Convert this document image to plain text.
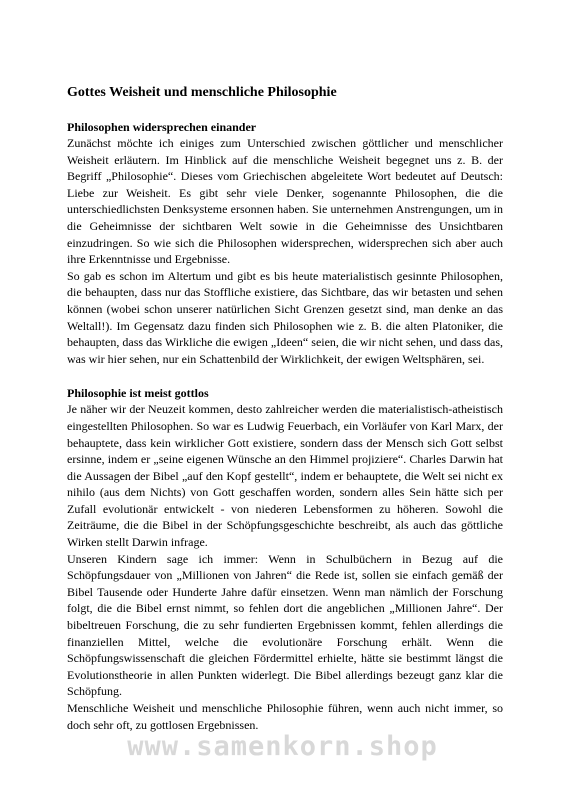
Gottes Weisheit und menschliche Philosophie
Philosophen widersprechen einander

Zunächst möchte ich einiges zum Unterschied zwischen göttlicher und menschlicher Weisheit erläutern. Im Hinblick auf die menschliche Weisheit begegnet uns z. B. der Begriff „Philosophie“. Dieses vom Griechischen abgeleitete Wort bedeutet auf Deutsch: Liebe zur Weisheit. Es gibt sehr viele Denker, sogenannte Philosophen, die die unterschiedlichsten Denksysteme ersonnen haben. Sie unternehmen Anstrengungen, um in die Geheimnisse der sichtbaren Welt sowie in die Geheimnisse des Unsichtbaren einzudringen. So wie sich die Philosophen widersprechen, widersprechen sich aber auch ihre Erkenntnisse und Ergebnisse.

So gab es schon im Altertum und gibt es bis heute materialistisch gesinnte Philosophen, die behaupten, dass nur das Stoffliche existiere, das Sichtbare, das wir betasten und sehen können (wobei schon unserer natürlichen Sicht Grenzen gesetzt sind, man denke an das Weltall!). Im Gegensatz dazu finden sich Philosophen wie z. B. die alten Platoniker, die behaupten, dass das Wirkliche die ewigen „Ideen“ seien, die wir nicht sehen, und dass das, was wir hier sehen, nur ein Schattenbild der Wirklichkeit, der ewigen Weltsphären, sei.

Philosophie ist meist gottlos

Je näher wir der Neuzeit kommen, desto zahlreicher werden die materialistisch-atheistisch eingestellten Philosophen. So war es Ludwig Feuerbach, ein Vorläufer von Karl Marx, der behauptete, dass kein wirklicher Gott existiere, sondern dass der Mensch sich Gott selbst ersinne, indem er „seine eigenen Wünsche an den Himmel projiziere“. Charles Darwin hat die Aussagen der Bibel „auf den Kopf gestellt“, indem er behauptete, die Welt sei nicht ex nihilo (aus dem Nichts) von Gott geschaffen worden, sondern alles Sein hätte sich per Zufall evolutionär entwickelt - von niederen Lebensformen zu höheren. Sowohl die Zeiträume, die die Bibel in der Schöpfungsgeschichte beschreibt, als auch das göttliche Wirken stellt Darwin infrage.

Unseren Kindern sage ich immer: Wenn in Schulbüchern in Bezug auf die Schöpfungsdauer von „Millionen von Jahren“ die Rede ist, sollen sie einfach gemäß der Bibel Tausende oder Hunderte Jahre dafür einsetzen. Wenn man nämlich der Forschung folgt, die die Bibel ernst nimmt, so fehlen dort die angeblichen „Millionen Jahre“. Der bibeltreuen Forschung, die zu sehr fundierten Ergebnissen kommt, fehlen allerdings die finanziellen Mittel, welche die evolutionäre Forschung erhält. Wenn die Schöpfungswissenschaft die gleichen Fördermittel erhielte, hätte sie bestimmt längst die Evolutionstheorie in allen Punkten widerlegt. Die Bibel allerdings bezeugt ganz klar die Schöpfung.

Menschliche Weisheit und menschliche Philosophie führen, wenn auch nicht immer, so doch sehr oft, zu gottlosen Ergebnissen.

www.samenkorn.shop
